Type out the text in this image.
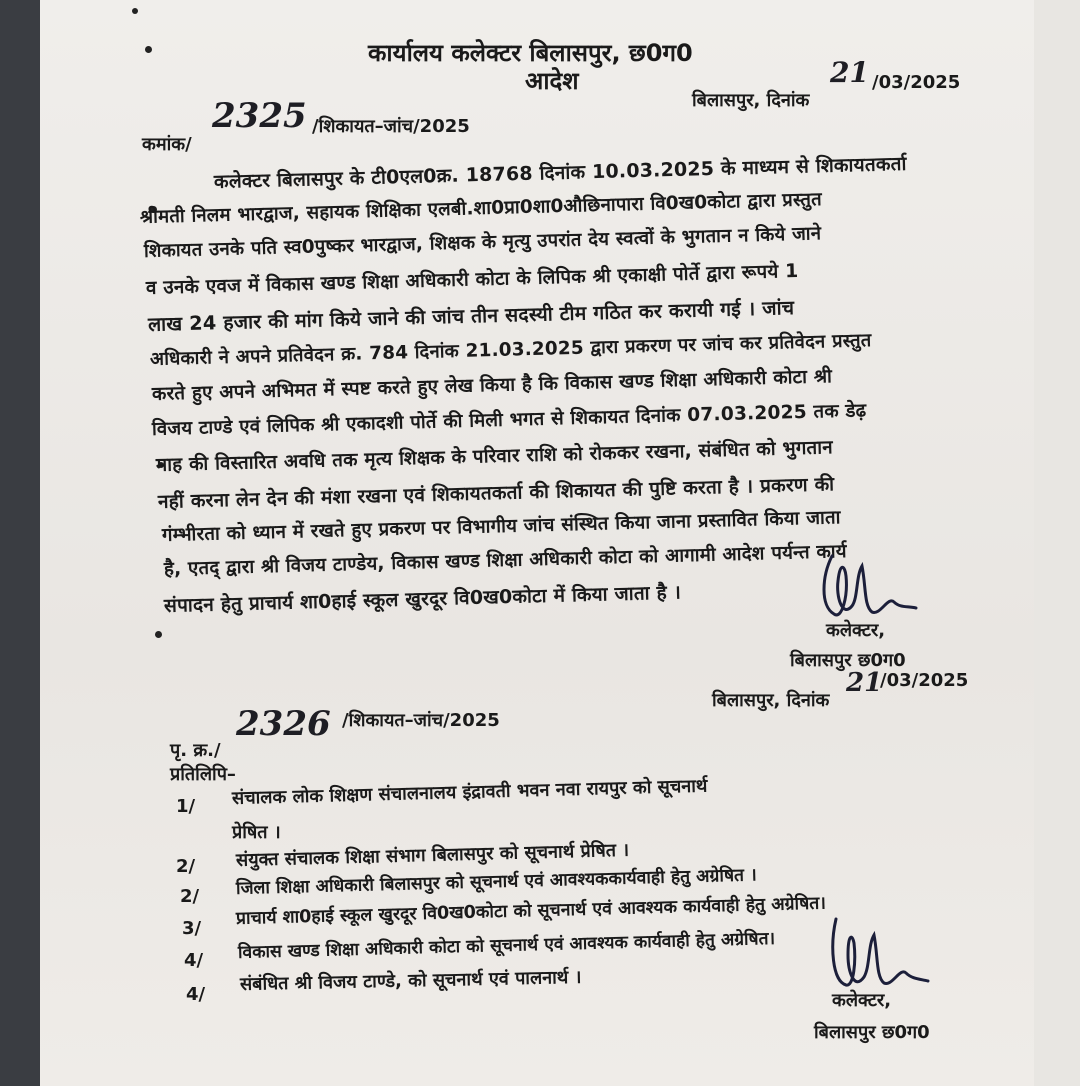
कार्यालय कलेक्टर बिलासपुर, छ0ग0
आदेश
बिलासपुर, दिनांक
21 /03/2025
कमांक/
2325 /शिकायत–जांच/2025
कलेक्टर बिलासपुर के टी0एल0क्र. 18768 दिनांक 10.03.2025 के माध्यम से शिकायतकर्ता
श्रीमती निलम भारद्वाज, सहायक शिक्षिका एलबी.शा0प्रा0शा0औछिनापारा वि0ख0कोटा द्वारा प्रस्तुत
शिकायत उनके पति स्व0पुष्कर भारद्वाज, शिक्षक के मृत्यु उपरांत देय स्वत्वों के भुगतान न किये जाने
व उनके एवज में विकास खण्ड शिक्षा अधिकारी कोटा के लिपिक श्री एकाक्षी पोर्ते द्वारा रूपये 1
लाख 24 हजार की मांग किये जाने की जांच तीन सदस्यी टीम गठित कर करायी गई । जांच
अधिकारी ने अपने प्रतिवेदन क्र. 784 दिनांक 21.03.2025 द्वारा प्रकरण पर जांच कर प्रतिवेदन प्रस्तुत
करते हुए अपने अभिमत में स्पष्ट करते हुए लेख किया है कि विकास खण्ड शिक्षा अधिकारी कोटा श्री
विजय टाण्डे एवं लिपिक श्री एकादशी पोर्ते की मिली भगत से शिकायत दिनांक 07.03.2025 तक डेढ़
माह की विस्तारित अवधि तक मृत्य शिक्षक के परिवार राशि को रोककर रखना, संबंधित को भुगतान
नहीं करना लेन देन की मंशा रखना एवं शिकायतकर्ता की शिकायत की पुष्टि करता है । प्रकरण की
गंम्भीरता को ध्यान में रखते हुए प्रकरण पर विभागीय जांच संस्थित किया जाना प्रस्तावित किया जाता
है, एतद् द्वारा श्री विजय टाण्डेय, विकास खण्ड शिक्षा अधिकारी कोटा को आगामी आदेश पर्यन्त कार्य
संपादन हेतु प्राचार्य शा0हाई स्कूल खुरदूर वि0ख0कोटा में किया जाता है ।
कलेक्टर,
बिलासपुर छ0ग0
बिलासपुर, दिनांक
21
/03/2025
पृ. क्र./
2326 /शिकायत–जांच/2025
प्रतिलिपि–
1/ संचालक लोक शिक्षण संचालनालय इंद्रावती भवन नवा रायपुर को सूचनार्थ
प्रेषित ।
2/ संयुक्त संचालक शिक्षा संभाग बिलासपुर को सूचनार्थ प्रेषित ।
2/ जिला शिक्षा अधिकारी बिलासपुर को सूचनार्थ एवं आवश्यककार्यवाही हेतु अग्रेषित ।
3/ प्राचार्य शा0हाई स्कूल खुरदूर वि0ख0कोटा को सूचनार्थ एवं आवश्यक कार्यवाही हेतु अग्रेषित।
4/ विकास खण्ड शिक्षा अधिकारी कोटा को सूचनार्थ एवं आवश्यक कार्यवाही हेतु अग्रेषित।
4/ संबंधित श्री विजय टाण्डे, को सूचनार्थ एवं पालनार्थ ।
कलेक्टर,
बिलासपुर छ0ग0
